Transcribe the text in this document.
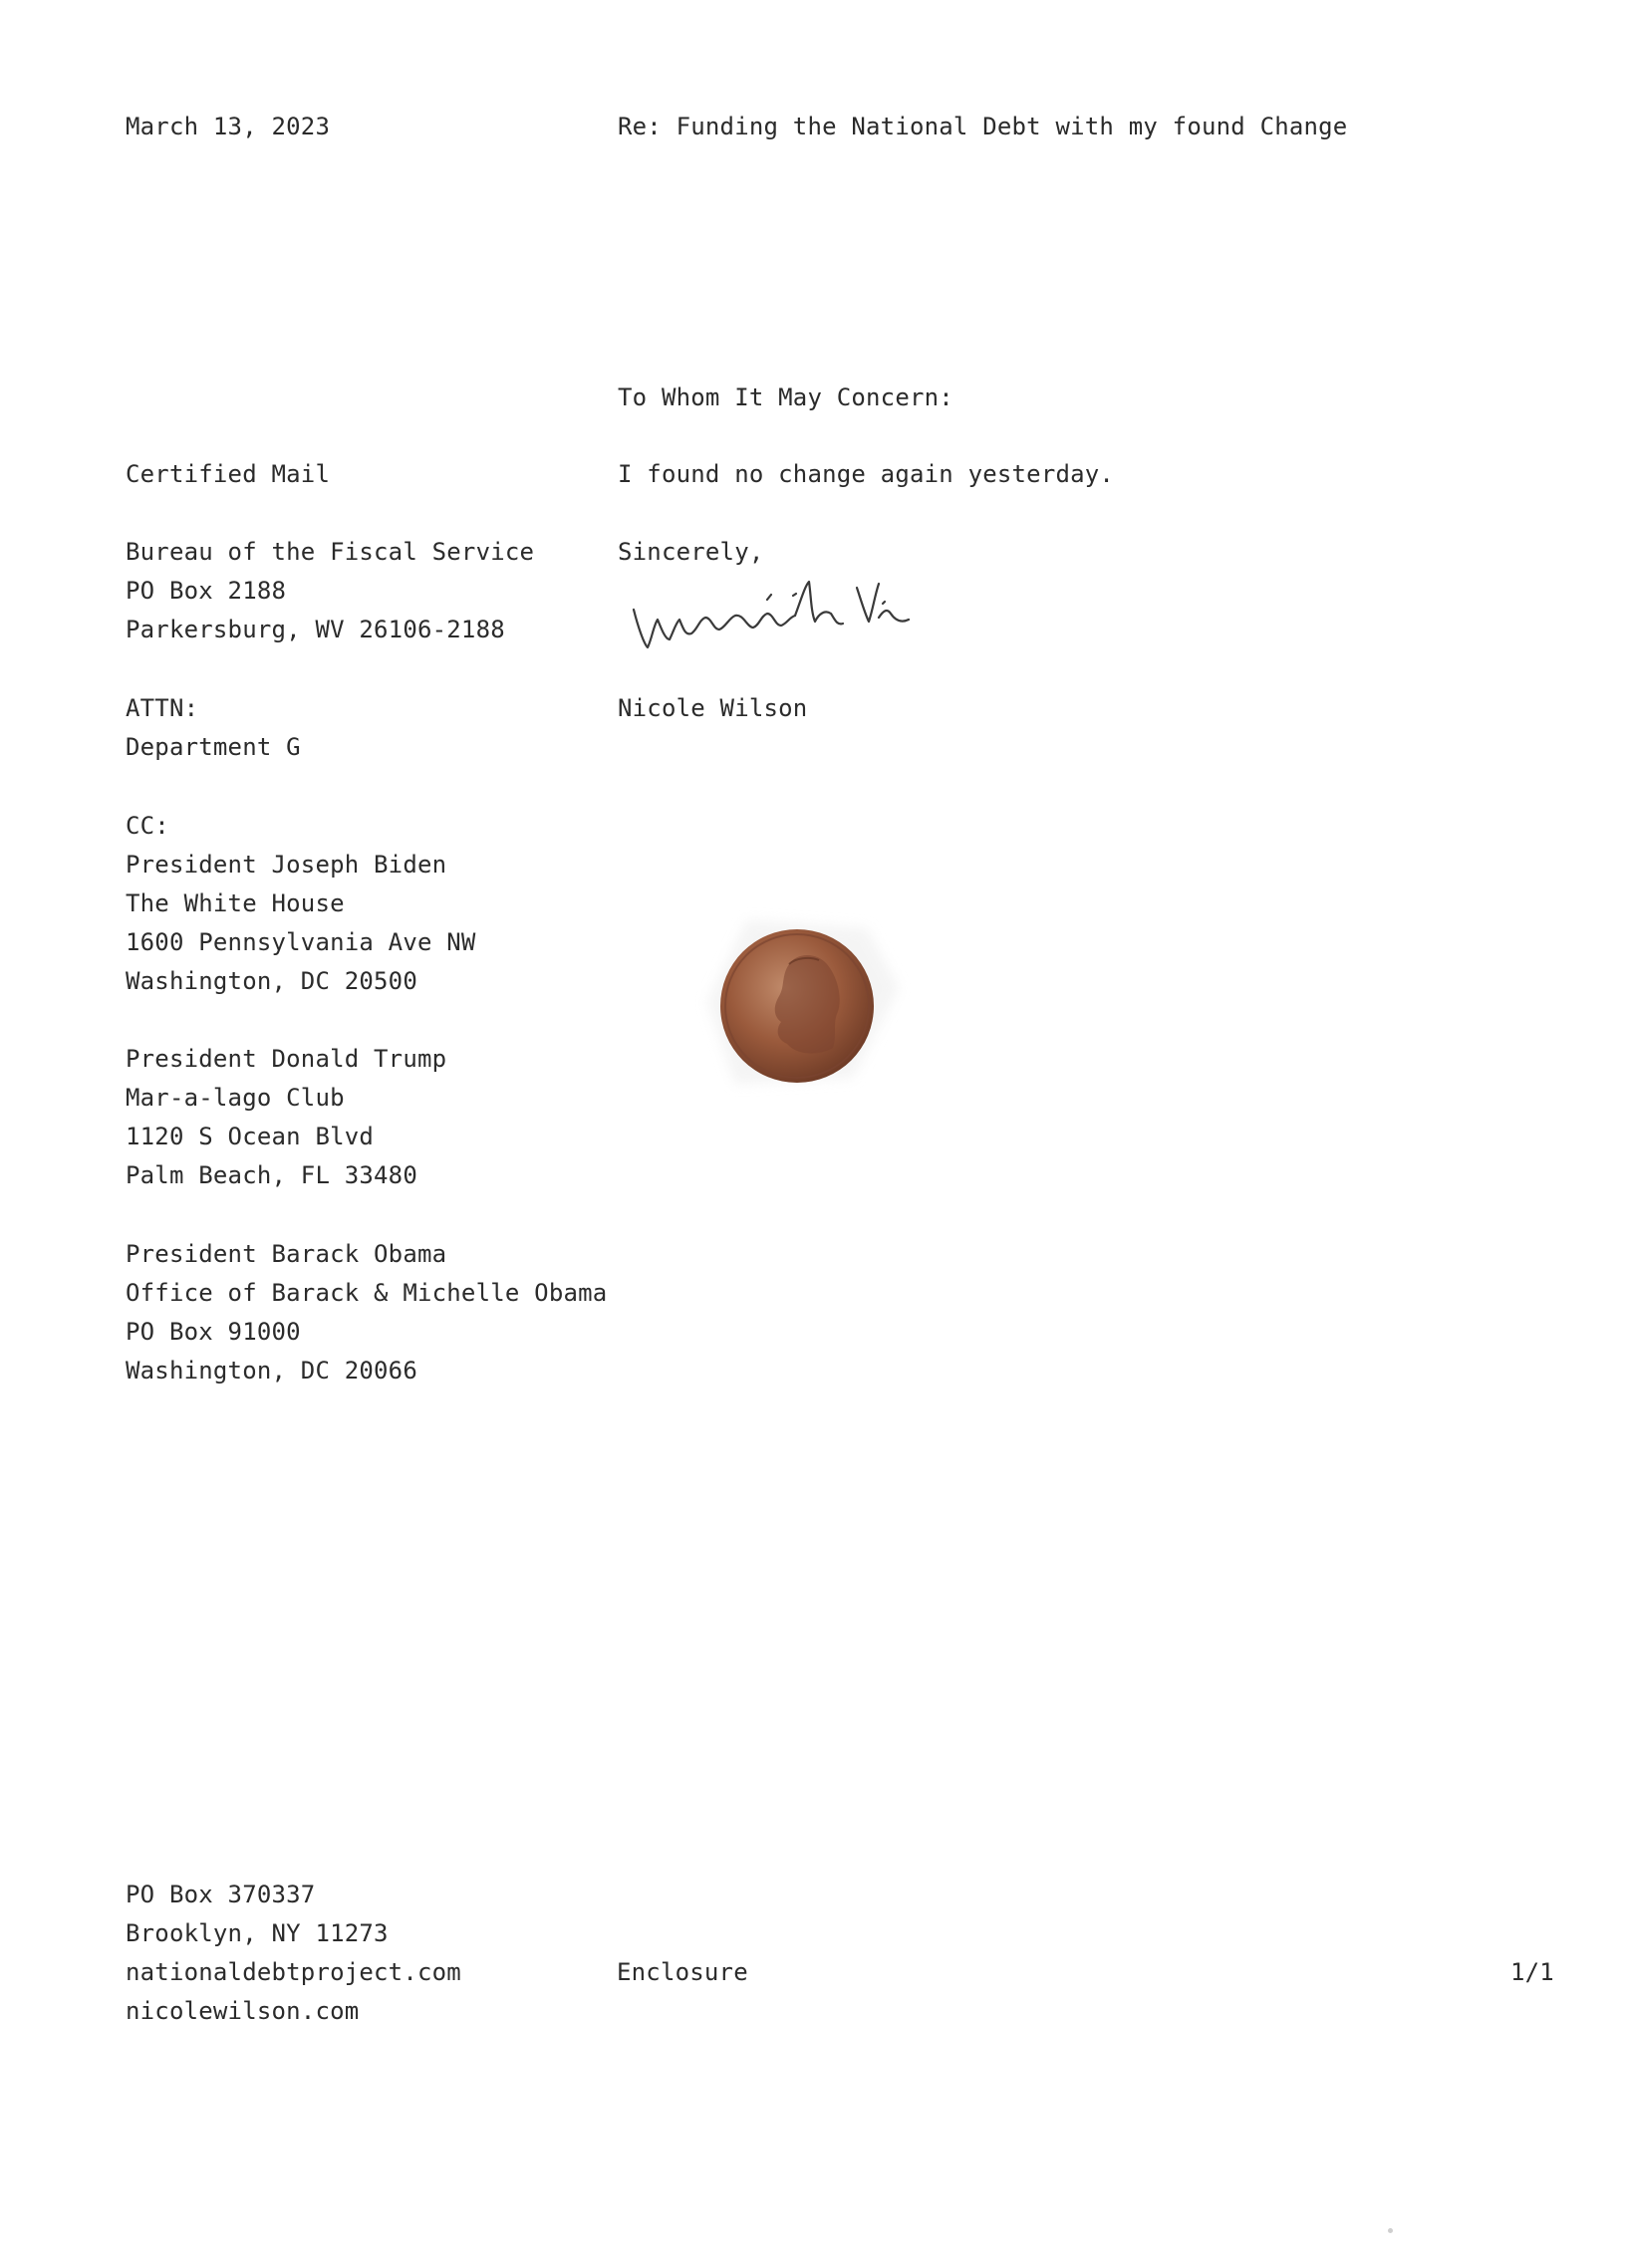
March 13, 2023	Re: Funding the National Debt with my found Change
To Whom It May Concern:
I found no change again yesterday.
Sincerely,
Nicole Wilson
Certified Mail
Bureau of the Fiscal Service
PO Box 2188
Parkersburg, WV 26106-2188
ATTN:
Department G
CC:
President Joseph Biden
The White House
1600 Pennsylvania Ave NW
Washington, DC 20500
President Donald Trump
Mar-a-lago Club
1120 S Ocean Blvd
Palm Beach, FL 33480
President Barack Obama
Office of Barack & Michelle Obama
PO Box 91000
Washington, DC 20066
PO Box 370337
Brooklyn, NY 11273
nationaldebtproject.com
nicolewilson.com
Enclosure	1/1
